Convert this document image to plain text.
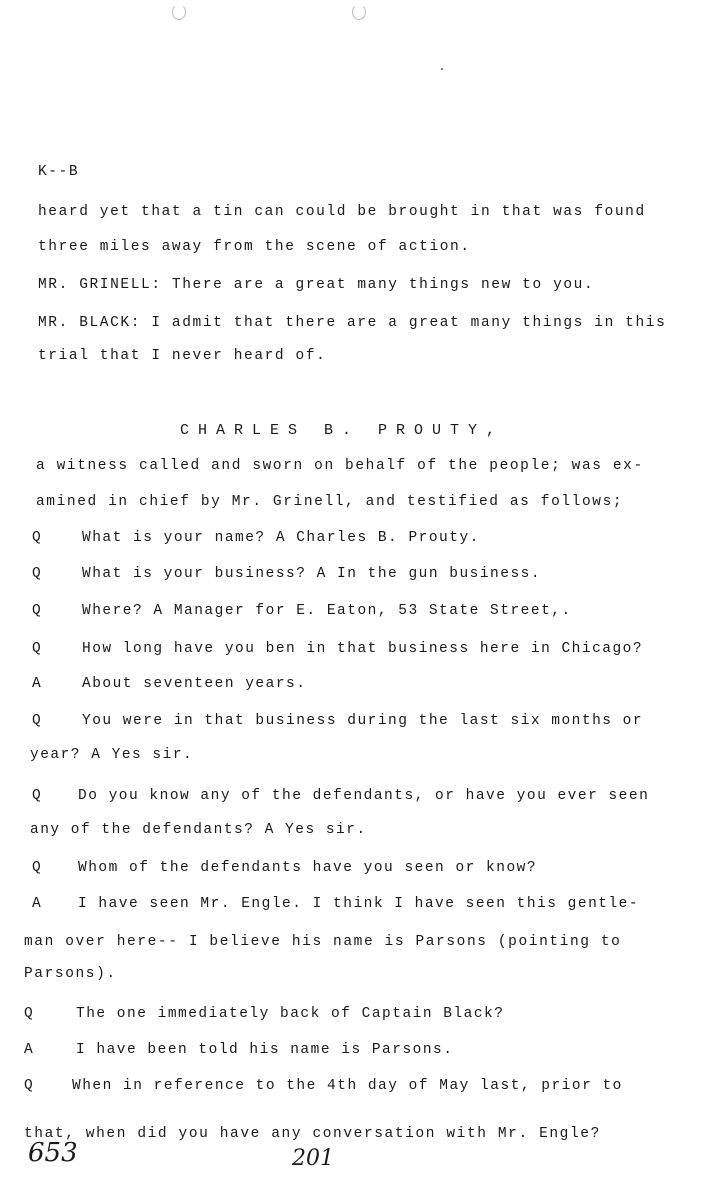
K--B
heard yet that a tin can could be brought in that was found
three miles away from the scene of action.
MR. GRINELL: There are a great many things new to you.
MR. BLACK: I admit that there are a great many things in this
trial that I never heard of.
CHARLES B. PROUTY,
a witness called and sworn on behalf of the people; was ex-
amined in chief by Mr. Grinell, and testified as follows;
Q	What is your name? A Charles B. Prouty.
Q	What is your business? A In the gun business.
Q	Where? A Manager for E. Eaton, 53 State Street,.
Q	How long have you ben in that business here in Chicago?
A	About seventeen years.
Q	You were in that business during the last six months or
year? A Yes sir.
Q	Do you know any of the defendants, or have you ever seen
any of the defendants? A Yes sir.
Q	Whom of the defendants have you seen or know?
A	I have seen Mr. Engle. I think I have seen this gentle-
man over here-- I believe his name is Parsons (pointing to
Parsons).
Q	The one immediately back of Captain Black?
A	I have been told his name is Parsons.
Q	When in reference to the 4th day of May last, prior to
that, when did you have any conversation with Mr. Engle?
653	201
